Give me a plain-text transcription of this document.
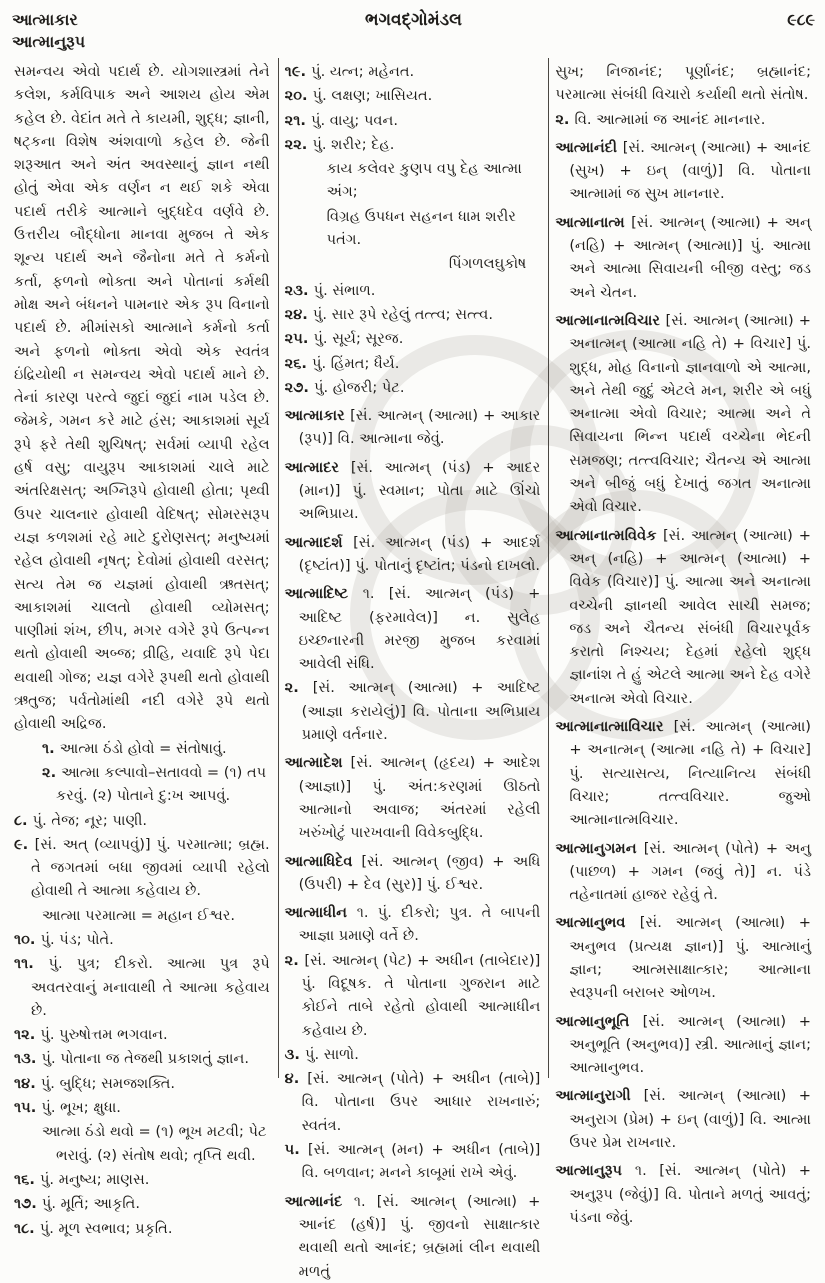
આત્માકાર	ભગવદ્ગોમંડલ	૯૮૯
આત્માનુરૂપ
સમન્વય એવો પદાર્થ છે. યોગશાસ્ત્રમાં તેને કલેશ, કર્મવિપાક અને આશય હોય એમ કહેલ છે. વેદાંત મતે તે કાયમી, શુદ્ધ; જ્ઞાની, ષટ્કના વિશેષ અંશવાળો કહેલ છે. જેની શરૂઆત અને અંત અવસ્થાનું જ્ઞાન નથી હોતું એવા એક વર્ણન ન થઈ શકે એવા પદાર્થ તરીકે આત્માને બુદ્ધદેવ વર્ણવે છે. ઉત્તરીય બૌદ્ધોના માનવા મુજબ તે એક શૂન્ય પદાર્થ અને જૈનોના મતે તે કર્મનો કર્તા, ફળનો ભોક્તા અને પોતાનાં કર્મથી મોક્ષ અને બંધનને પામનાર એક રૂપ વિનાનો પદાર્થ છે. મીમાંસકો આત્માને કર્મનો કર્તા અને ફળનો ભોક્તા એવો એક સ્વતંત્ર ઇંદ્રિયોથી ન સમન્વય એવો પદાર્થ માને છે. તેનાં કારણ પરત્વે જુદાં જુદાં નામ પડેલ છે. જેમકે, ગમન કરે માટે હંસ; આકાશમાં સૂર્ય રૂપે ફરે તેથી શુચિષત્; સર્વમાં વ્યાપી રહેલ હર્ષ વસુ; વાયુરૂપ આકાશમાં ચાલે માટે અંતરિક્ષસત્; અગ્નિરૂપે હોવાથી હોતા; પૃથ્વી ઉપર ચાલનાર હોવાથી વેદિષત્; સોમરસરૂપ યજ્ઞ કળશમાં રહે માટે દુરોણસત્; મનુષ્યમાં રહેલ હોવાથી નૃષત્; દેવોમાં હોવાથી વરસત્; સત્ય તેમ જ યજ્ઞમાં હોવાથી ઋતસત્; આકાશમાં ચાલતો હોવાથી વ્યોમસત્; પાણીમાં શંખ, છીપ, મગર વગેરે રૂપે ઉત્પન્ન થતો હોવાથી અબ્જ; વ્રીહિ, યવાદિ રૂપે પેદા થવાથી ગોજ; યજ્ઞ વગેરે રૂપથી થતો હોવાથી ઋતુજ; પર્વતોમાંથી નદી વગેરે રૂપે થતો હોવાથી અદ્રિજ.
૧. આત્મા ઠંડો હોવો = સંતોષાવું.
૨. આત્મા કલ્પાવો–સતાવવો = (૧) તપ કરવું. (૨) પોતાને દુ:ખ આપવું.
૮. પું. તેજ; નૂર; પાણી.
૯. [સં. અત્ (વ્યાપવું)] પું. પરમાત્મા; બ્રહ્મ. તે જગતમાં બધા જીવમાં વ્યાપી રહેલો હોવાથી તે આત્મા કહેવાય છે.
આત્મા પરમાત્મા = મહાન ઈશ્વર.
૧૦. પું. પંડ; પોતે.
૧૧. પું. પુત્ર; દીકરો. આત્મા પુત્ર રૂપે અવતરવાનું મનાવાથી તે આત્મા કહેવાય છે.
૧૨. પું. પુરુષોત્તમ ભગવાન.
૧૩. પું. પોતાના જ તેજથી પ્રકાશતું જ્ઞાન.
૧૪. પું. બુદ્ધિ; સમજશક્તિ.
૧૫. પું. ભૂખ; ક્ષુધા.
આત્મા ઠંડો થવો = (૧) ભૂખ મટવી; પેટ ભરાવું. (૨) સંતોષ થવો; તૃપ્તિ થવી.
૧૬. પું. મનુષ્ય; માણસ.
૧૭. પું. મૂર્તિ; આકૃતિ.
૧૮. પું. મૂળ સ્વભાવ; પ્રકૃતિ.
૧૯. પું. યત્ન; મહેનત.
૨૦. પું. લક્ષણ; ખાસિયત.
૨૧. પું. વાયુ; પવન.
૨૨. પું. શરીર; દેહ.
કાય કલેવર કુણપ વપુ દેહ આત્મા અંગ;
વિગ્રહ ઉપધન સહનન ધામ શરીર પતંગ.
પિંગળલઘુકોષ
૨૩. પું. સંભાળ.
૨૪. પું. સાર રૂપે રહેલું તત્ત્વ; સત્ત્વ.
૨૫. પું. સૂર્ય; સૂરજ.
૨૬. પું. હિંમત; ધૈર્ય.
૨૭. પું. હોજરી; પેટ.
આત્માકાર [સં. આત્મન્ (આત્મા) + આકાર (રૂપ)] વિ. આત્માના જેવું.
આત્માદર [સં. આત્મન્ (પંડ) + આદર (માન)] પું. સ્વમાન; પોતા માટે ઊંચો અભિપ્રાય.
આત્માદર્શ [સં. આત્મન્ (પંડ) + આદર્શ (દૃષ્ટાંત)] પું. પોતાનું દૃષ્ટાંત; પંડનો દાખલો.
આત્માદિષ્ટ ૧. [સં. આત્મન્ (પંડ) + આદિષ્ટ (ફરમાવેલ)] ન. સુલેહ ઇચ્છનારની મરજી મુજબ કરવામાં આવેલી સંધિ.
૨. [સં. આત્મન્ (આત્મા) + આદિષ્ટ (આજ્ઞા કરાયેલું)] વિ. પોતાના અભિપ્રાય પ્રમાણે વર્તનાર.
આત્માદેશ [સં. આત્મન્ (હૃદય) + આદેશ (આજ્ઞા)] પું. અંત:કરણમાં ઊઠતો આત્માનો અવાજ; અંતરમાં રહેલી ખરુંખોટું પારખવાની વિવેકબુદ્ધિ.
આત્માધિદેવ [સં. આત્મન્ (જીવ) + અધિ (ઉપરી) + દેવ (સુર)] પું. ઈશ્વર.
આત્માધીન ૧. પું. દીકરો; પુત્ર. તે બાપની આજ્ઞા પ્રમાણે વર્તે છે.
૨. [સં. આત્મન્ (પેટ) + અધીન (તાબેદાર)] પું. વિદૂષક. તે પોતાના ગુજરાન માટે કોઈને તાબે રહેતો હોવાથી આત્માધીન કહેવાય છે.
૩. પું. સાળો.
૪. [સં. આત્મન્ (પોતે) + અધીન (તાબે)] વિ. પોતાના ઉપર આધાર રાખનારું; સ્વતંત્ર.
૫. [સં. આત્મન્ (મન) + અધીન (તાબે)] વિ. બળવાન; મનને કાબૂમાં રાખે એવું.
આત્માનંદ ૧. [સં. આત્મન્ (આત્મા) + આનંદ (હર્ષ)] પું. જીવનો સાક્ષાત્કાર થવાથી થતો આનંદ; બ્રહ્મમાં લીન થવાથી મળતું
સુખ; નિજાનંદ; પૂર્ણાનંદ; બ્રહ્માનંદ; પરમાત્મા સંબંધી વિચારો કર્યાથી થતો સંતોષ.
૨. વિ. આત્મામાં જ આનંદ માનનાર.
આત્માનંદી [સં. આત્મન્ (આત્મા) + આનંદ (સુખ) + ઇન્ (વાળું)] વિ. પોતાના આત્મામાં જ સુખ માનનાર.
આત્માનાત્મ [સં. આત્મન્ (આત્મા) + અન્ (નહિ) + આત્મન્ (આત્મા)] પું. આત્મા અને આત્મા સિવાયની બીજી વસ્તુ; જડ અને ચેતન.
આત્માનાત્મવિચાર [સં. આત્મન્ (આત્મા) + અનાત્મન્ (આત્મા નહિ તે) + વિચાર] પું. શુદ્ધ, મોહ વિનાનો જ્ઞાનવાળો એ આત્મા, અને તેથી જુદું એટલે મન, શરીર એ બધું અનાત્મા એવો વિચાર; આત્મા અને તે સિવાયના ભિન્ન પદાર્થ વચ્ચેના ભેદની સમજણ; તત્ત્વવિચાર; ચૈતન્ય એ આત્મા અને બીજું બધું દેખાતું જગત અનાત્મા એવો વિચાર.
આત્માનાત્મવિવેક [સં. આત્મન્ (આત્મા) + અન્ (નહિ) + આત્મન્ (આત્મા) + વિવેક (વિચાર)] પું. આત્મા અને અનાત્મા વચ્ચેની જ્ઞાનથી આવેલ સાચી સમજ; જડ અને ચૈતન્ય સંબંધી વિચારપૂર્વક કરાતો નિશ્ચય; દેહમાં રહેલો શુદ્ધ જ્ઞાનાંશ તે હું એટલે આત્મા અને દેહ વગેરે અનાત્મ એવો વિચાર.
આત્માનાત્માવિચાર [સં. આત્મન્ (આત્મા) + અનાત્મન્ (આત્મા નહિ તે) + વિચાર] પું. સત્યાસત્ય, નિત્યાનિત્ય સંબંધી વિચાર; તત્ત્વવિચાર. જુઓ આત્માનાત્મવિચાર.
આત્માનુગમન [સં. આત્મન્ (પોતે) + અનુ (પાછળ) + ગમન (જવું તે)] ન. પંડે તહેનાતમાં હાજર રહેવું તે.
આત્માનુભવ [સં. આત્મન્ (આત્મા) + અનુભવ (પ્રત્યક્ષ જ્ઞાન)] પું. આત્માનું જ્ઞાન; આત્મસાક્ષાત્કાર; આત્માના સ્વરૂપની બરાબર ઓળખ.
આત્માનુભૂતિ [સં. આત્મન્ (આત્મા) + અનુભૂતિ (અનુભવ)] સ્ત્રી. આત્માનું જ્ઞાન; આત્માનુભવ.
આત્માનુરાગી [સં. આત્મન્ (આત્મા) + અનુરાગ (પ્રેમ) + ઇન્ (વાળું)] વિ. આત્મા ઉપર પ્રેમ રાખનાર.
આત્માનુરૂપ ૧. [સં. આત્મન્ (પોતે) + અનુરૂપ (જેવું)] વિ. પોતાને મળતું આવતું; પંડના જેવું.
